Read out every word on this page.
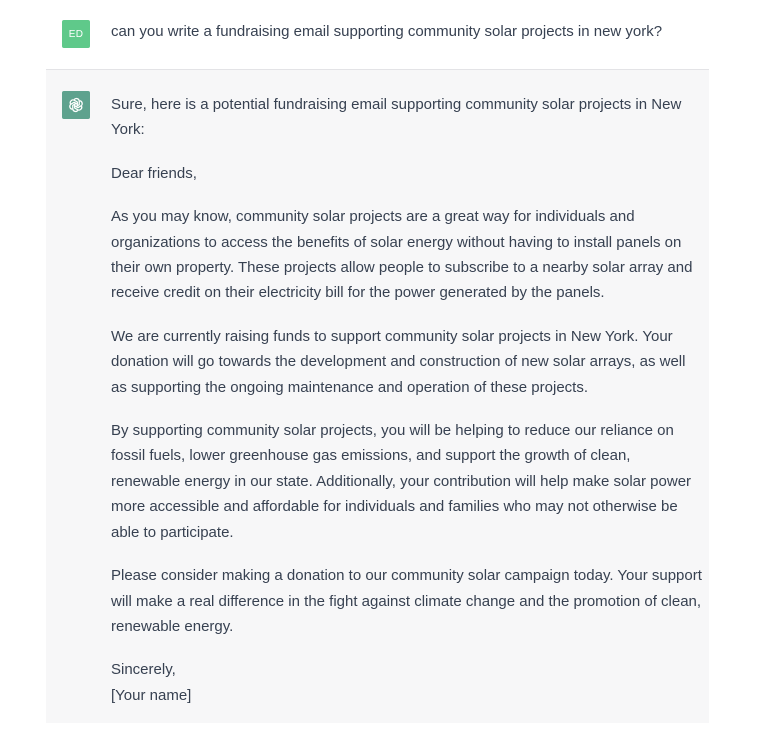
ED can you write a fundraising email supporting community solar projects in new york?

Sure, here is a potential fundraising email supporting community solar projects in New York:

Dear friends,

As you may know, community solar projects are a great way for individuals and organizations to access the benefits of solar energy without having to install panels on their own property. These projects allow people to subscribe to a nearby solar array and receive credit on their electricity bill for the power generated by the panels.

We are currently raising funds to support community solar projects in New York. Your donation will go towards the development and construction of new solar arrays, as well as supporting the ongoing maintenance and operation of these projects.

By supporting community solar projects, you will be helping to reduce our reliance on fossil fuels, lower greenhouse gas emissions, and support the growth of clean, renewable energy in our state. Additionally, your contribution will help make solar power more accessible and affordable for individuals and families who may not otherwise be able to participate.

Please consider making a donation to our community solar campaign today. Your support will make a real difference in the fight against climate change and the promotion of clean, renewable energy.

Sincerely,
[Your name]
